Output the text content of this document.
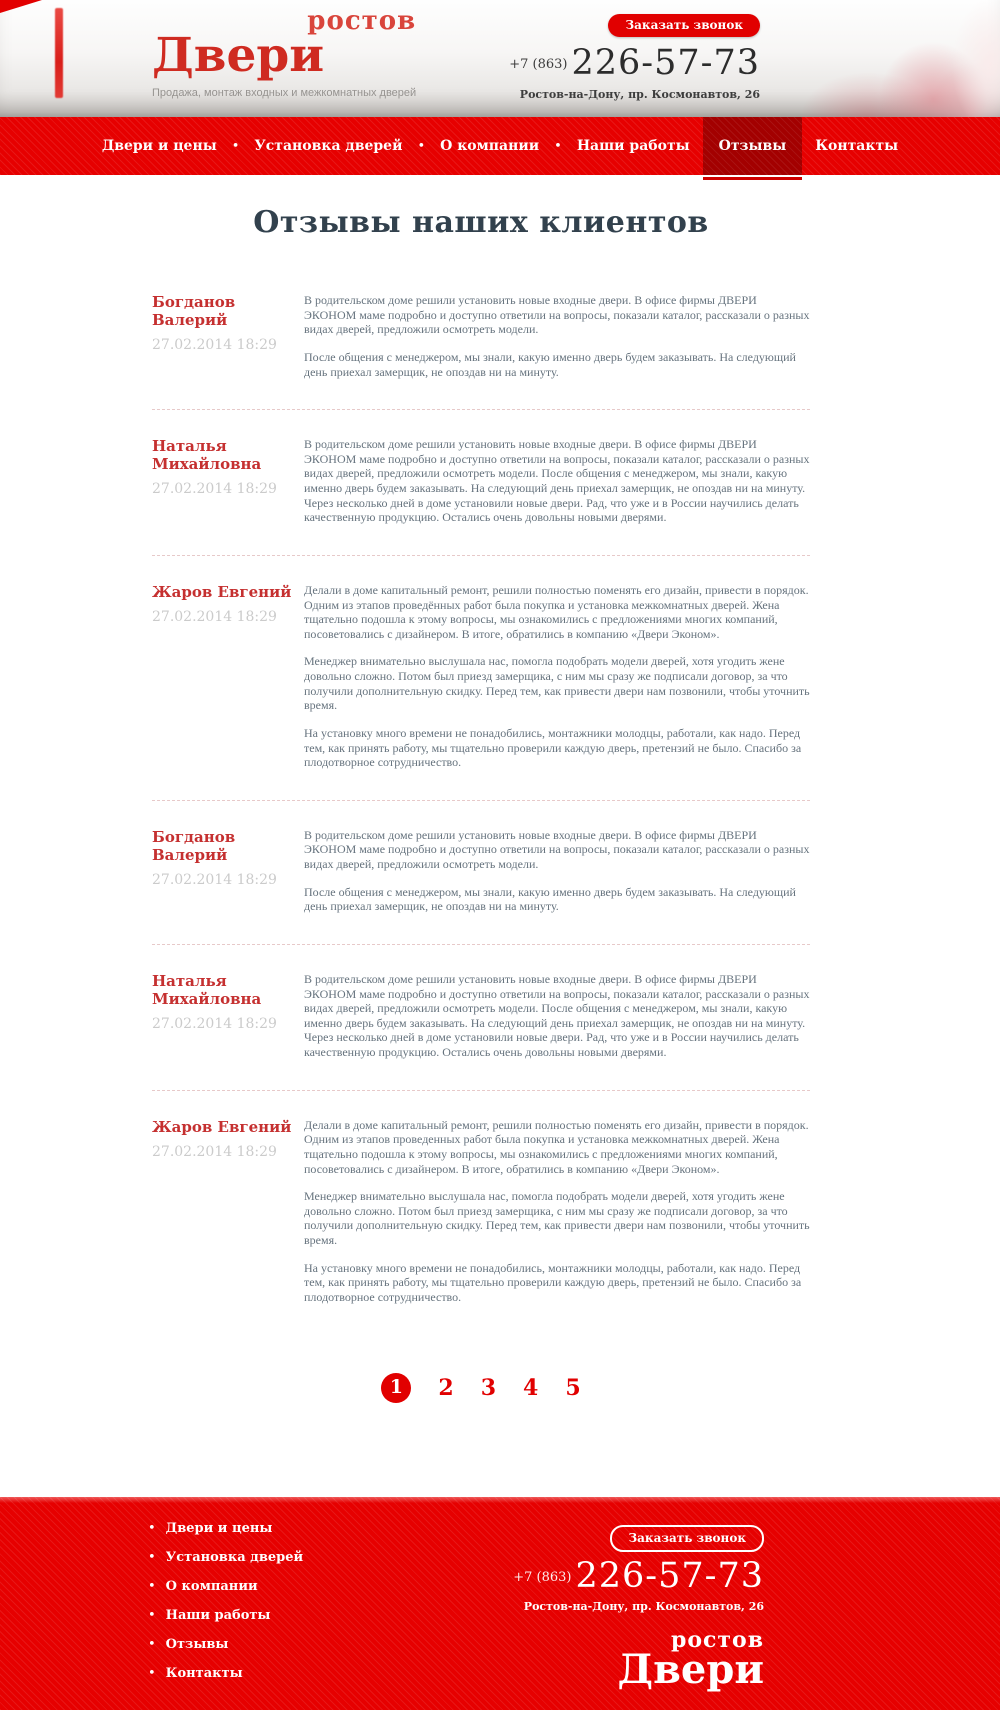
ростов
Двери
Продажа, монтаж входных и межкомнатных дверей
Заказать звонок
$^{+7 (863)}$ 226-57-73
Ростов-на-Дону, пр. Космонавтов, 26
Двери и цены	•	Установка дверей	•	О компании	•	Наши работы	Отзывы	Контакты
Отзывы наших клиентов
Богданов Валерий
27.02.2014 18:29

В родительском доме решили установить новые входные двери. В офисе фирмы ДВЕРИ ЭКОНОМ маме подробно и доступно ответили на вопросы, показали каталог, рассказали о разных видах дверей, предложили осмотреть модели.

После общения с менеджером, мы знали, какую именно дверь будем заказывать. На следующий день приехал замерщик, не опоздав ни на минуту.

Наталья Михайловна
27.02.2014 18:29

В родительском доме решили установить новые входные двери. В офисе фирмы ДВЕРИ ЭКОНОМ маме подробно и доступно ответили на вопросы, показали каталог, рассказали о разных видах дверей, предложили осмотреть модели. После общения с менеджером, мы знали, какую именно дверь будем заказывать. На следующий день приехал замерщик, не опоздав ни на минуту. Через несколько дней в доме установили новые двери. Рад, что уже и в России научились делать качественную продукцию. Остались очень довольны новыми дверями.

Жаров Евгений
27.02.2014 18:29

Делали в доме капитальный ремонт, решили полностью поменять его дизайн, привести в порядок. Одним из этапов проведённых работ была покупка и установка межкомнатных дверей. Жена тщательно подошла к этому вопросы, мы ознакомились с предложениями многих компаний, посоветовались с дизайнером. В итоге, обратились в компанию «Двери Эконом».

Менеджер внимательно выслушала нас, помогла подобрать модели дверей, хотя угодить жене довольно сложно. Потом был приезд замерщика, с ним мы сразу же подписали договор, за что получили дополнительную скидку. Перед тем, как привести двери нам позвонили, чтобы уточнить время.

На установку много времени не понадобились, монтажники молодцы, работали, как надо. Перед тем, как принять работу, мы тщательно проверили каждую дверь, претензий не было. Спасибо за плодотворное сотрудничество.

Богданов Валерий
27.02.2014 18:29

В родительском доме решили установить новые входные двери. В офисе фирмы ДВЕРИ ЭКОНОМ маме подробно и доступно ответили на вопросы, показали каталог, рассказали о разных видах дверей, предложили осмотреть модели.

После общения с менеджером, мы знали, какую именно дверь будем заказывать. На следующий день приехал замерщик, не опоздав ни на минуту.

Наталья Михайловна
27.02.2014 18:29

В родительском доме решили установить новые входные двери. В офисе фирмы ДВЕРИ ЭКОНОМ маме подробно и доступно ответили на вопросы, показали каталог, рассказали о разных видах дверей, предложили осмотреть модели. После общения с менеджером, мы знали, какую именно дверь будем заказывать. На следующий день приехал замерщик, не опоздав ни на минуту. Через несколько дней в доме установили новые двери. Рад, что уже и в России научились делать качественную продукцию. Остались очень довольны новыми дверями.

Жаров Евгений
27.02.2014 18:29

Делали в доме капитальный ремонт, решили полностью поменять его дизайн, привести в порядок. Одним из этапов проведенных работ была покупка и установка межкомнатных дверей. Жена тщательно подошла к этому вопросы, мы ознакомились с предложениями многих компаний, посоветовались с дизайнером. В итоге, обратились в компанию «Двери Эконом».

Менеджер внимательно выслушала нас, помогла подобрать модели дверей, хотя угодить жене довольно сложно. Потом был приезд замерщика, с ним мы сразу же подписали договор, за что получили дополнительную скидку. Перед тем, как привести двери нам позвонили, чтобы уточнить время.

На установку много времени не понадобились, монтажники молодцы, работали, как надо. Перед тем, как принять работу, мы тщательно проверили каждую дверь, претензий не было. Спасибо за плодотворное сотрудничество.

1	2 3 4 5
• Двери и цены
• Установка дверей
• О компании
• Наши работы
• Отзывы
• Контакты
Заказать звонок
$^{+7 (863)}$ 226-57-73
Ростов-на-Дону, пр. Космонавтов, 26
ростов
Двери
